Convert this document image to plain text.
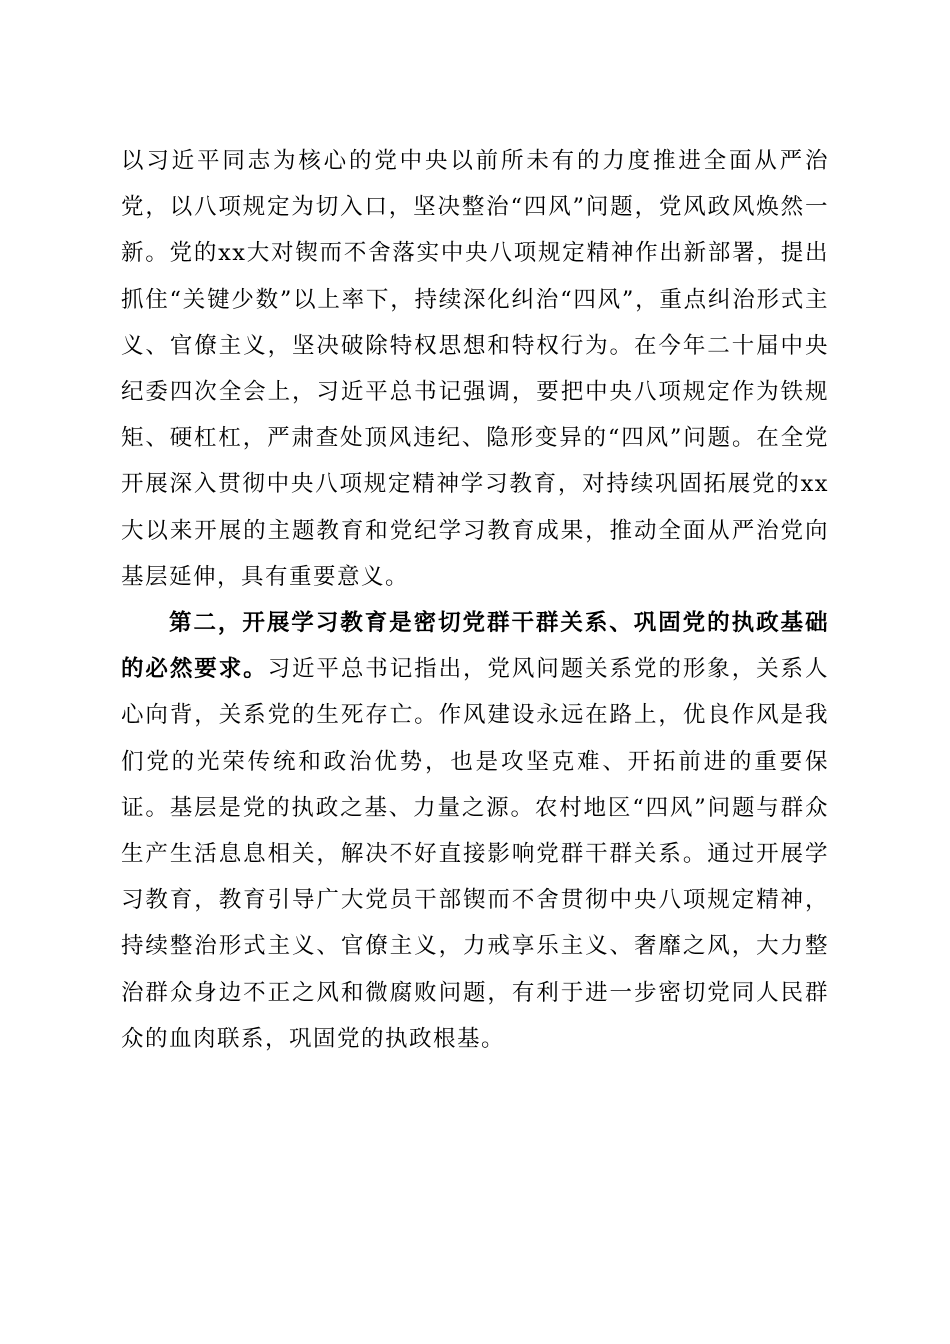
以习近平同志为核心的党中央以前所未有的力度推进全面从严治党，以八项规定为切入口，坚决整治“四风”问题，党风政风焕然一新。党的xx大对锲而不舍落实中央八项规定精神作出新部署，提出抓住“关键少数”以上率下，持续深化纠治“四风”，重点纠治形式主义、官僚主义，坚决破除特权思想和特权行为。在今年二十届中央纪委四次全会上，习近平总书记强调，要把中央八项规定作为铁规矩、硬杠杠，严肃查处顶风违纪、隐形变异的“四风”问题。在全党开展深入贯彻中央八项规定精神学习教育，对持续巩固拓展党的xx大以来开展的主题教育和党纪学习教育成果，推动全面从严治党向基层延伸，具有重要意义。

第二，开展学习教育是密切党群干群关系、巩固党的执政基础的必然要求。习近平总书记指出，党风问题关系党的形象，关系人心向背，关系党的生死存亡。作风建设永远在路上，优良作风是我们党的光荣传统和政治优势，也是攻坚克难、开拓前进的重要保证。基层是党的执政之基、力量之源。农村地区“四风”问题与群众生产生活息息相关，解决不好直接影响党群干群关系。通过开展学习教育，教育引导广大党员干部锲而不舍贯彻中央八项规定精神，持续整治形式主义、官僚主义，力戒享乐主义、奢靡之风，大力整治群众身边不正之风和微腐败问题，有利于进一步密切党同人民群众的血肉联系，巩固党的执政根基。
